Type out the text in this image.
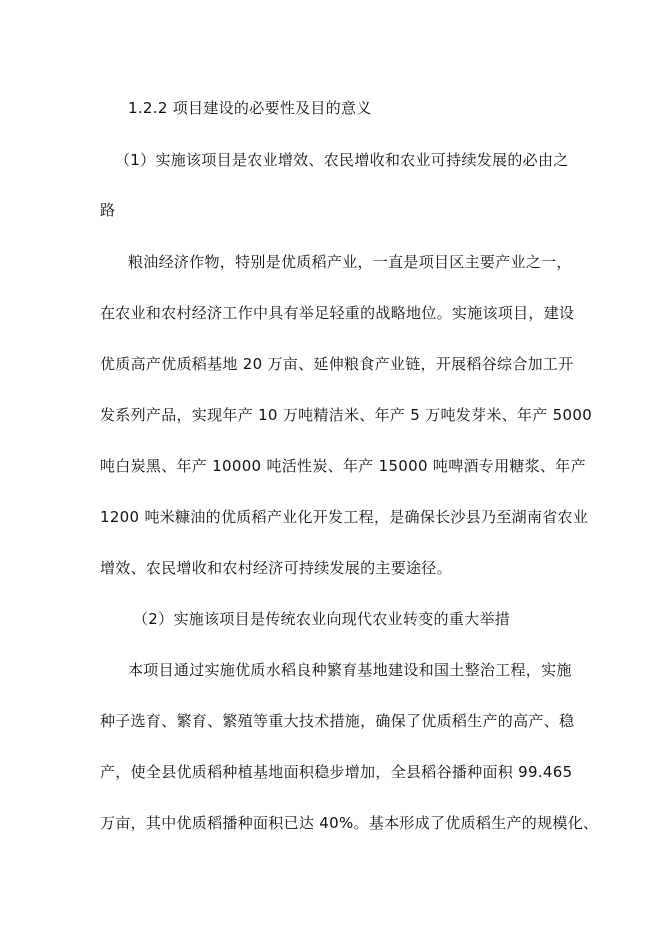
1.2.2 项目建设的必要性及目的意义
（1）实施该项目是农业增效、农民增收和农业可持续发展的必由之
路
粮油经济作物，特别是优质稻产业，一直是项目区主要产业之一，
在农业和农村经济工作中具有举足轻重的战略地位。实施该项目，建设
优质高产优质稻基地 20 万亩、延伸粮食产业链，开展稻谷综合加工开
发系列产品，实现年产 10 万吨精洁米、年产 5 万吨发芽米、年产 5000
吨白炭黑、年产 10000 吨活性炭、年产 15000 吨啤酒专用糖浆、年产
1200 吨米糠油的优质稻产业化开发工程，是确保长沙县乃至湖南省农业
增效、农民增收和农村经济可持续发展的主要途径。
（2）实施该项目是传统农业向现代农业转变的重大举措
本项目通过实施优质水稻良种繁育基地建设和国土整治工程，实施
种子选育、繁育、繁殖等重大技术措施，确保了优质稻生产的高产、稳
产，使全县优质稻种植基地面积稳步增加，全县稻谷播种面积 99.465
万亩，其中优质稻播种面积已达 40%。基本形成了优质稻生产的规模化、
